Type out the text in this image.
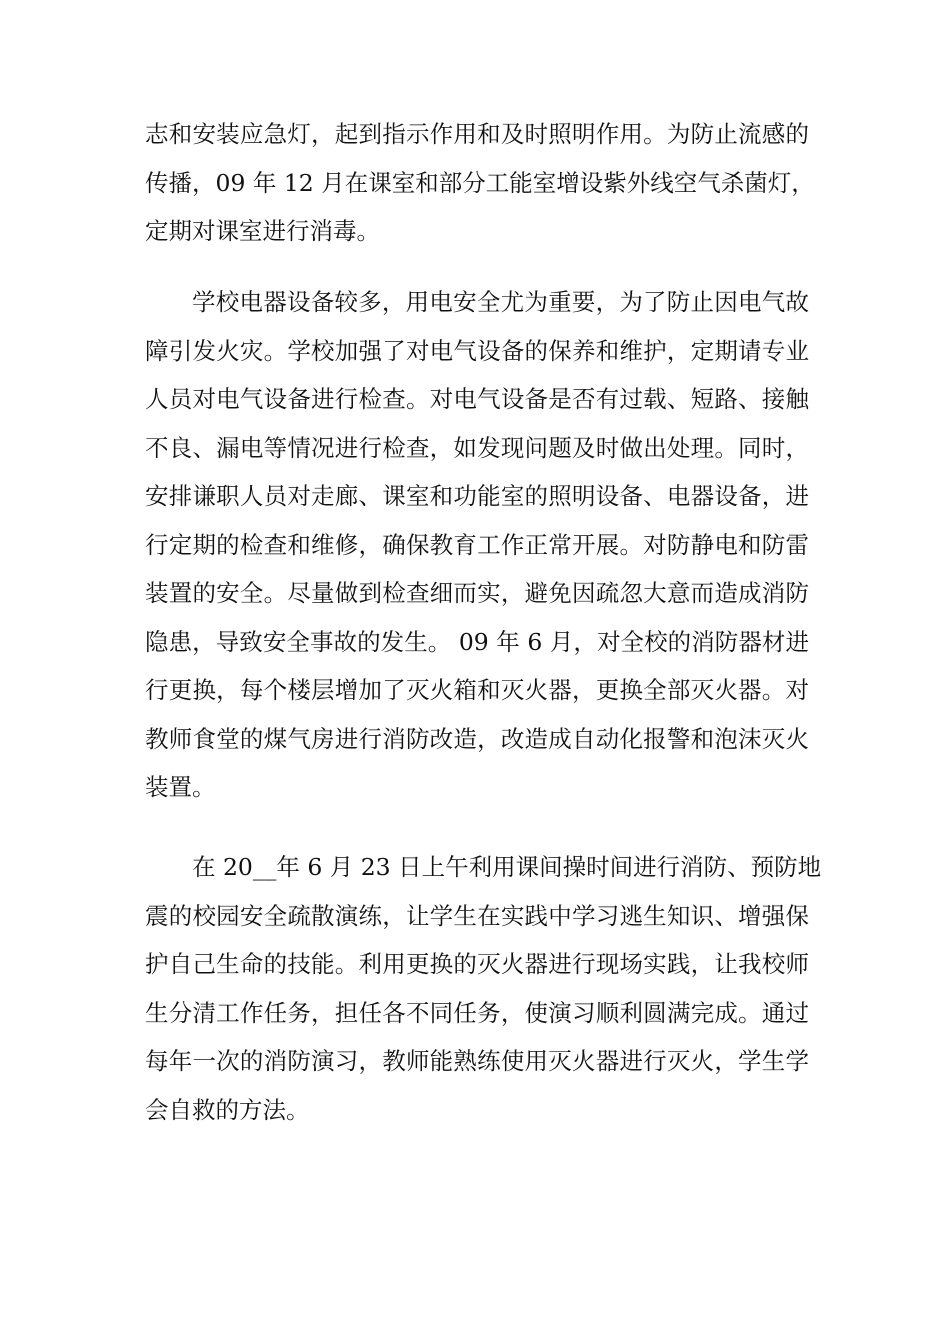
志和安装应急灯，起到指示作用和及时照明作用。为防止流感的
传播，09 年 12 月在课室和部分工能室增设紫外线空气杀菌灯，
定期对课室进行消毒。
学校电器设备较多，用电安全尤为重要，为了防止因电气故
障引发火灾。学校加强了对电气设备的保养和维护，定期请专业
人员对电气设备进行检查。对电气设备是否有过载、短路、接触
不良、漏电等情况进行检查，如发现问题及时做出处理。同时，
安排谦职人员对走廊、课室和功能室的照明设备、电器设备，进
行定期的检查和维修，确保教育工作正常开展。对防静电和防雷
装置的安全。尽量做到检查细而实，避免因疏忽大意而造成消防
隐患，导致安全事故的发生。 09 年 6 月，对全校的消防器材进
行更换，每个楼层增加了灭火箱和灭火器，更换全部灭火器。对
教师食堂的煤气房进行消防改造，改造成自动化报警和泡沫灭火
装置。
在 20__年 6 月 23 日上午利用课间操时间进行消防、预防地
震的校园安全疏散演练，让学生在实践中学习逃生知识、增强保
护自己生命的技能。利用更换的灭火器进行现场实践，让我校师
生分清工作任务，担任各不同任务，使演习顺利圆满完成。通过
每年一次的消防演习，教师能熟练使用灭火器进行灭火，学生学
会自救的方法。
